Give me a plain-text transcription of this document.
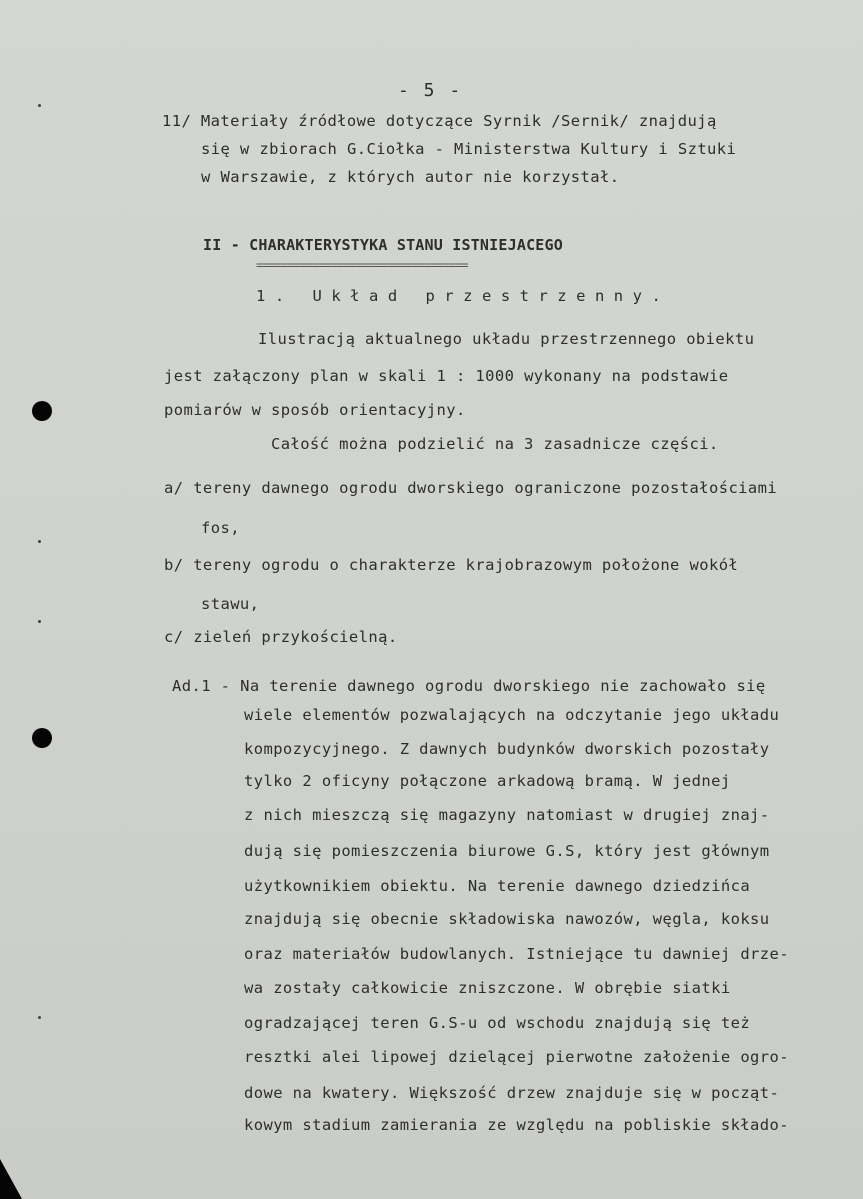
- 5 -
11/ Materiały źródłowe dotyczące Syrnik /Sernik/ znajdują
się w zbiorach G.Ciołka - Ministerstwa Kultury i Sztuki
w Warszawie, z których autor nie korzystał.
II - CHARAKTERYSTYKA STANU ISTNIEJACEGO
==================================
1. Układ przestrzenny.
Ilustracją aktualnego układu przestrzennego obiektu
jest załączony plan w skali 1 : 1000 wykonany na podstawie
pomiarów w sposób orientacyjny.
Całość można podzielić na 3 zasadnicze części.
a/ tereny dawnego ogrodu dworskiego ograniczone pozostałościami
fos,
b/ tereny ogrodu o charakterze krajobrazowym położone wokół
stawu,
c/ zieleń przykościelną.
Ad.1 - Na terenie dawnego ogrodu dworskiego nie zachowało się
wiele elementów pozwalających na odczytanie jego układu
kompozycyjnego. Z dawnych budynków dworskich pozostały
tylko 2 oficyny połączone arkadową bramą. W jednej
z nich mieszczą się magazyny natomiast w drugiej znaj-
dują się pomieszczenia biurowe G.S, który jest głównym
użytkownikiem obiektu. Na terenie dawnego dziedzińca
znajdują się obecnie składowiska nawozów, węgla, koksu
oraz materiałów budowlanych. Istniejące tu dawniej drze-
wa zostały całkowicie zniszczone. W obrębie siatki
ogradzającej teren G.S-u od wschodu znajdują się też
resztki alei lipowej dzielącej pierwotne założenie ogro-
dowe na kwatery. Większość drzew znajduje się w począt-
kowym stadium zamierania ze względu na pobliskie składo-
